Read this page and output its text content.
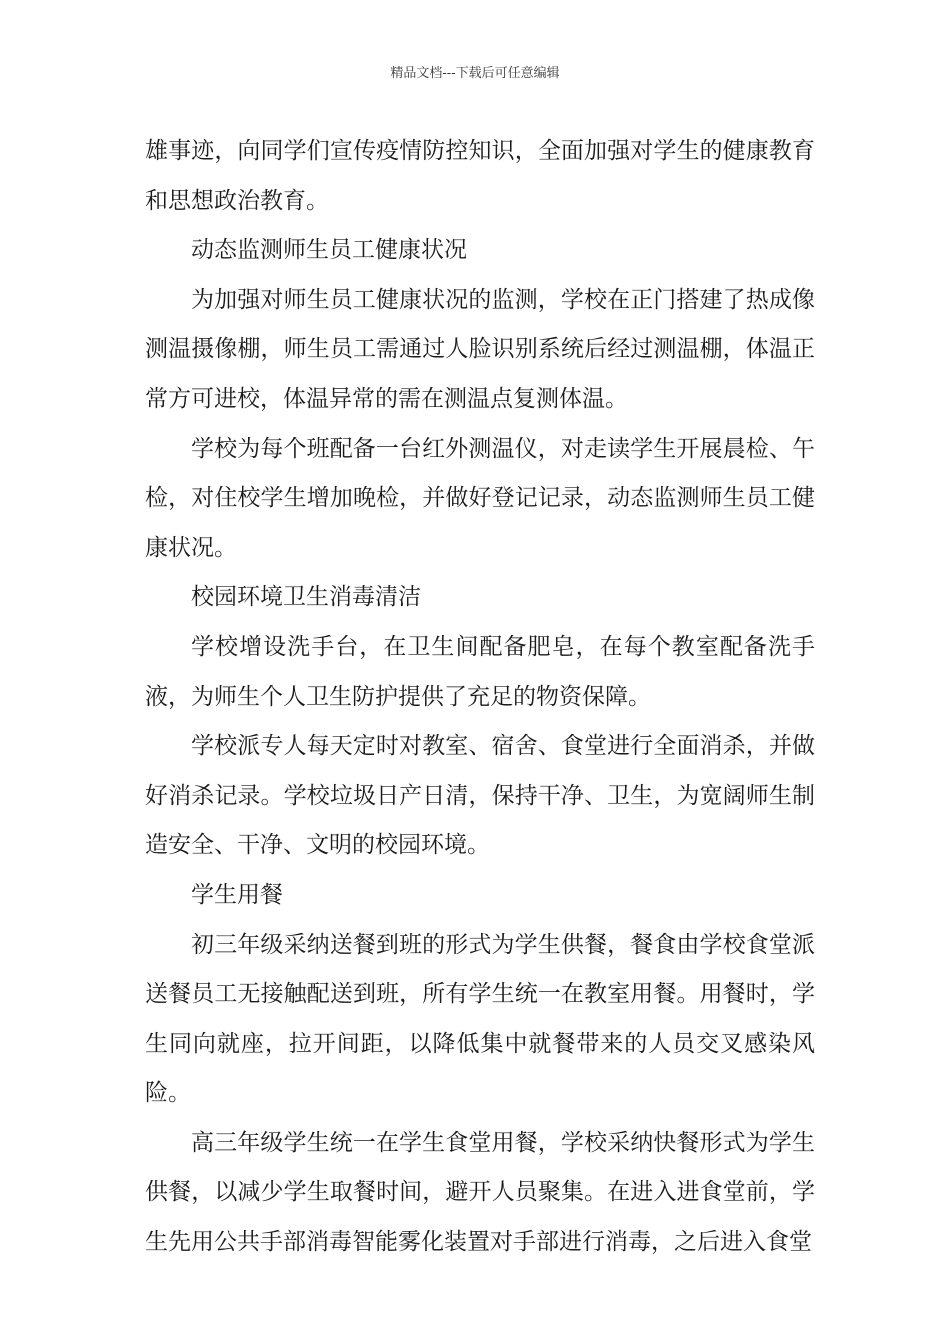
精品文档---下载后可任意编辑

雄事迹，向同学们宣传疫情防控知识，全面加强对学生的健康教育和思想政治教育。

动态监测师生员工健康状况

为加强对师生员工健康状况的监测，学校在正门搭建了热成像测温摄像棚，师生员工需通过人脸识别系统后经过测温棚，体温正常方可进校，体温异常的需在测温点复测体温。

学校为每个班配备一台红外测温仪，对走读学生开展晨检、午检，对住校学生增加晚检，并做好登记记录，动态监测师生员工健康状况。

校园环境卫生消毒清洁

学校增设洗手台，在卫生间配备肥皂，在每个教室配备洗手液，为师生个人卫生防护提供了充足的物资保障。

学校派专人每天定时对教室、宿舍、食堂进行全面消杀，并做好消杀记录。学校垃圾日产日清，保持干净、卫生，为宽阔师生制造安全、干净、文明的校园环境。

学生用餐

初三年级采纳送餐到班的形式为学生供餐，餐食由学校食堂派送餐员工无接触配送到班，所有学生统一在教室用餐。用餐时，学生同向就座，拉开间距，以降低集中就餐带来的人员交叉感染风险。

高三年级学生统一在学生食堂用餐，学校采纳快餐形式为学生供餐，以减少学生取餐时间，避开人员聚集。在进入进食堂前，学生先用公共手部消毒智能雾化装置对手部进行消毒，之后进入食堂
